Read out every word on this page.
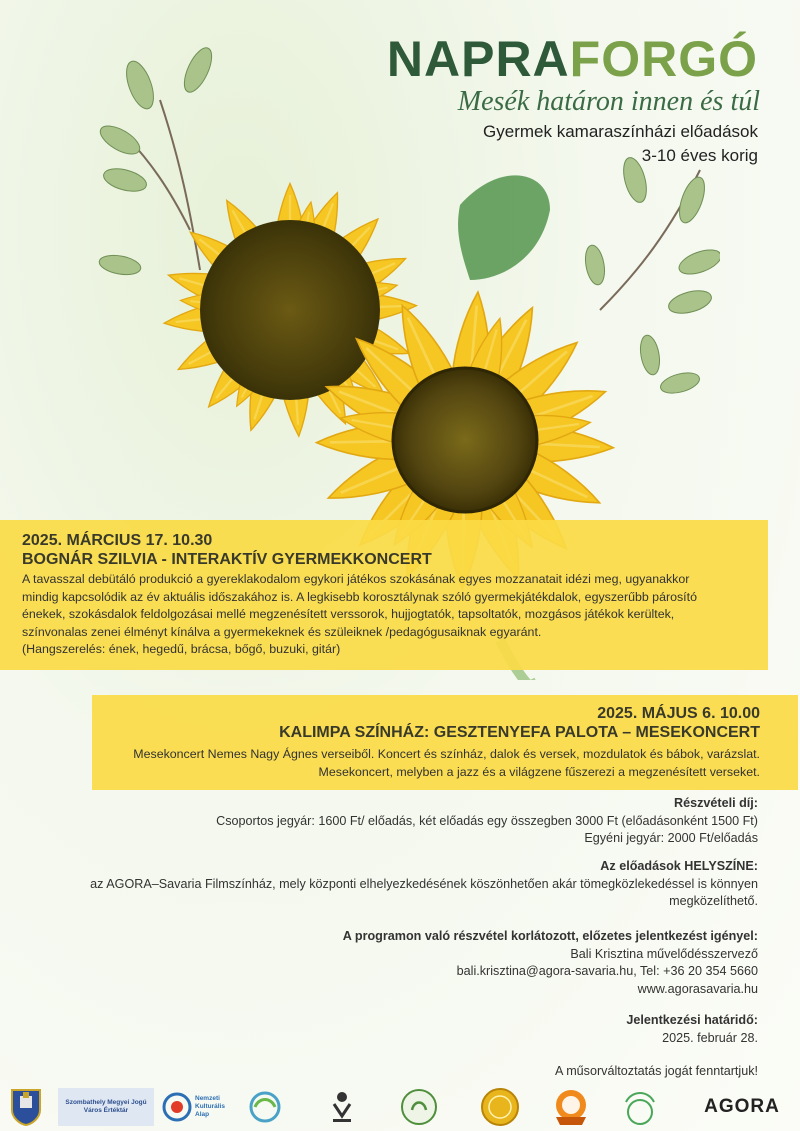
NAPRAFORGÓ
Mesék határon innen és túl
Gyermek kamaraszínházi előadások
3-10 éves korig
2025. MÁRCIUS 17. 10.30
BOGNÁR SZILVIA - INTERAKTÍV GYERMEKKONCERT
A tavasszal debütáló produkció a gyereklakodalom egykori játékos szokásának egyes mozzanatait idézi meg, ugyanakkor
mindig kapcsolódik az év aktuális időszakához is. A legkisebb korosztálynak szóló gyermekjátékdalok, egyszerűbb párosító
énekek, szokásdalok feldolgozásai mellé megzenésített verssorok, hujjogtatók, tapsoltatók, mozgásos játékok kerültek,
színvonalas zenei élményt kínálva a gyermekeknek és szüleiknek /pedagógusaiknak egyaránt.
(Hangszerelés: ének, hegedű, brácsa, bőgő, buzuki, gitár)
2025. MÁJUS 6. 10.00
KALIMPA SZÍNHÁZ: GESZTENYEFA PALOTA – MESEKONCERT
Mesekoncert Nemes Nagy Ágnes verseiből. Koncert és színház, dalok és versek, mozdulatok és bábok, varázslat.
Mesekoncert, melyben a jazz és a világzene fűszerezi a megzenésített verseket.
Részvételi díj:
Csoportos jegyár: 1600 Ft/ előadás, két előadás egy összegben 3000 Ft (előadásonként 1500 Ft)
Egyéni jegyár: 2000 Ft/előadás
Az előadások HELYSZÍNE:
az AGORA–Savaria Filmszínház, mely központi elhelyezkedésének köszönhetően akár tömegközlekedéssel is könnyen
megközelíthető.
A programon való részvétel korlátozott, előzetes jelentkezést igényel:
Bali Krisztina művelődésszervező
bali.krisztina@agora-savaria.hu, Tel: +36 20 354 5660
www.agorasavaria.hu
Jelentkezési határidő:
2025. február 28.
A műsorváltoztatás jogát fenntartjuk!
Szombathely Megyei Jogú Város Értéktár
Nemzeti
Kulturális
Alap	AGORA
